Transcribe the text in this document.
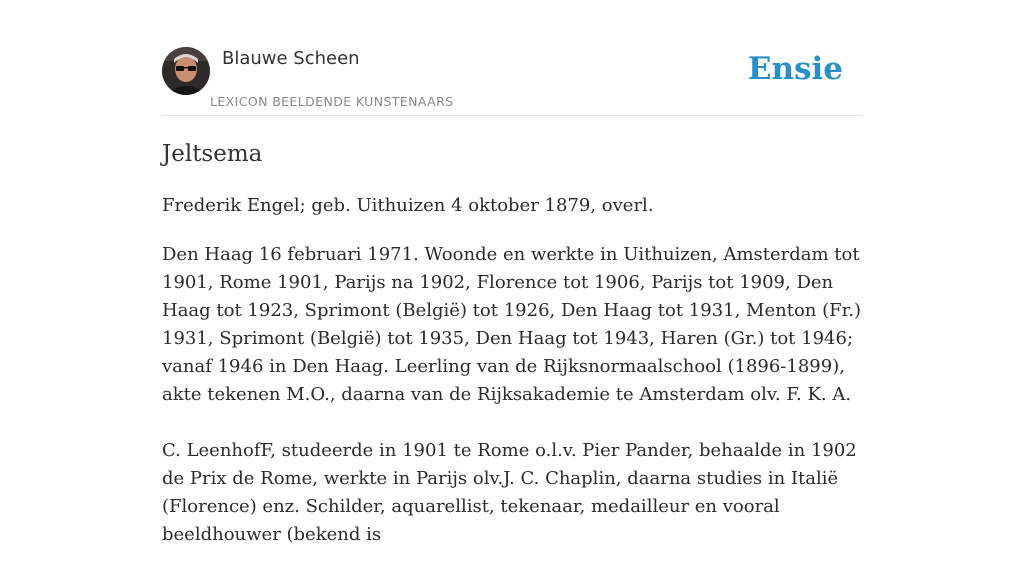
Blauwe Scheen
LEXICON BEELDENDE KUNSTENAARS
Ensie
Jeltsema
Frederik Engel; geb. Uithuizen 4 oktober 1879, overl.

Den Haag 16 februari 1971. Woonde en werkte in Uithuizen, Amsterdam tot 1901, Rome 1901, Parijs na 1902, Florence tot 1906, Parijs tot 1909, Den Haag tot 1923, Sprimont (België) tot 1926, Den Haag tot 1931, Menton (Fr.) 1931, Sprimont (België) tot 1935, Den Haag tot 1943, Haren (Gr.) tot 1946; vanaf 1946 in Den Haag. Leerling van de Rijksnormaalschool (1896-1899), akte tekenen M.O., daarna van de Rijksakademie te Amsterdam olv. F. K. A.

C. LeenhofF, studeerde in 1901 te Rome o.l.v. Pier Pander, behaalde in 1902 de Prix de Rome, werkte in Parijs olv.J. C. Chaplin, daarna studies in Italië (Florence) enz. Schilder, aquarellist, tekenaar, medailleur en vooral beeldhouwer (bekend is
